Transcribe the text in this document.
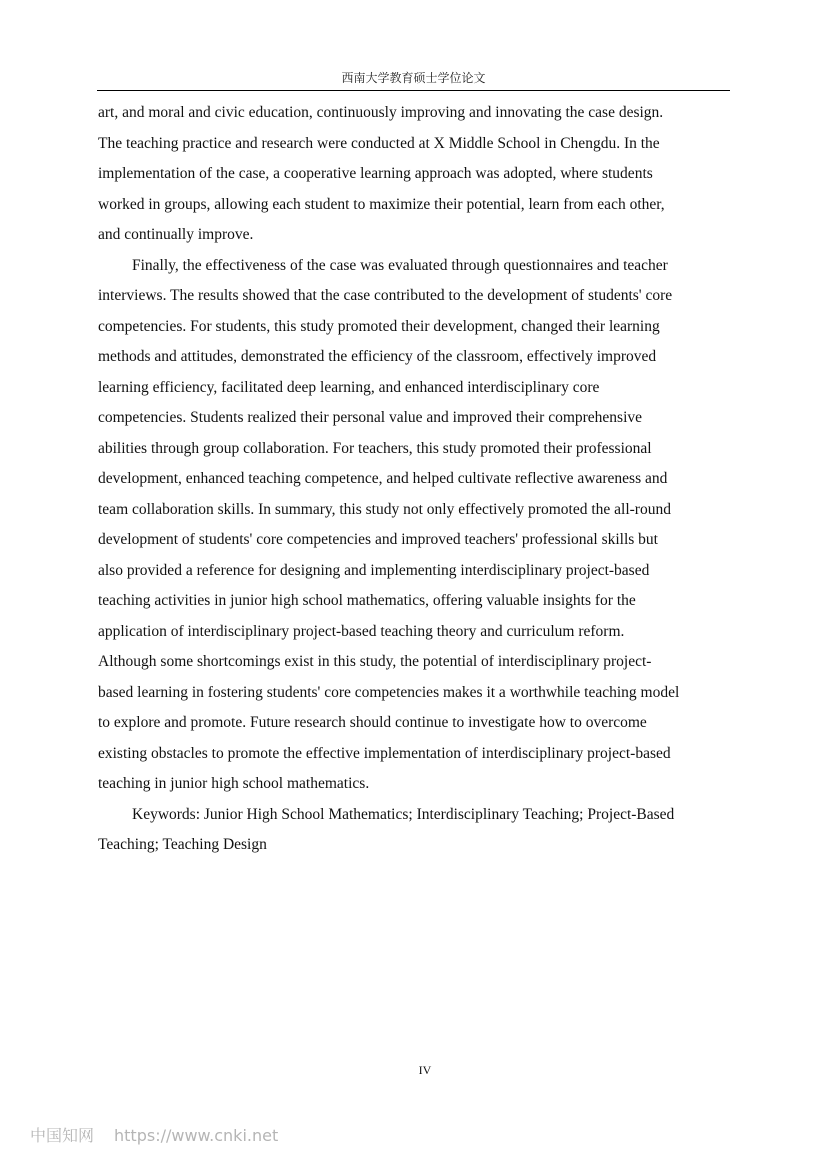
西南大学教育硕士学位论文
art, and moral and civic education, continuously improving and innovating the case design.
The teaching practice and research were conducted at X Middle School in Chengdu. In the
implementation of the case, a cooperative learning approach was adopted, where students
worked in groups, allowing each student to maximize their potential, learn from each other,
and continually improve.
Finally, the effectiveness of the case was evaluated through questionnaires and teacher
interviews. The results showed that the case contributed to the development of students' core
competencies. For students, this study promoted their development, changed their learning
methods and attitudes, demonstrated the efficiency of the classroom, effectively improved
learning efficiency, facilitated deep learning, and enhanced interdisciplinary core
competencies. Students realized their personal value and improved their comprehensive
abilities through group collaboration. For teachers, this study promoted their professional
development, enhanced teaching competence, and helped cultivate reflective awareness and
team collaboration skills. In summary, this study not only effectively promoted the all-round
development of students' core competencies and improved teachers' professional skills but
also provided a reference for designing and implementing interdisciplinary project-based
teaching activities in junior high school mathematics, offering valuable insights for the
application of interdisciplinary project-based teaching theory and curriculum reform.
Although some shortcomings exist in this study, the potential of interdisciplinary project-
based learning in fostering students' core competencies makes it a worthwhile teaching model
to explore and promote. Future research should continue to investigate how to overcome
existing obstacles to promote the effective implementation of interdisciplinary project-based
teaching in junior high school mathematics.
Keywords: Junior High School Mathematics; Interdisciplinary Teaching; Project-Based
Teaching; Teaching Design
IV
中国知网 https://www.cnki.net
